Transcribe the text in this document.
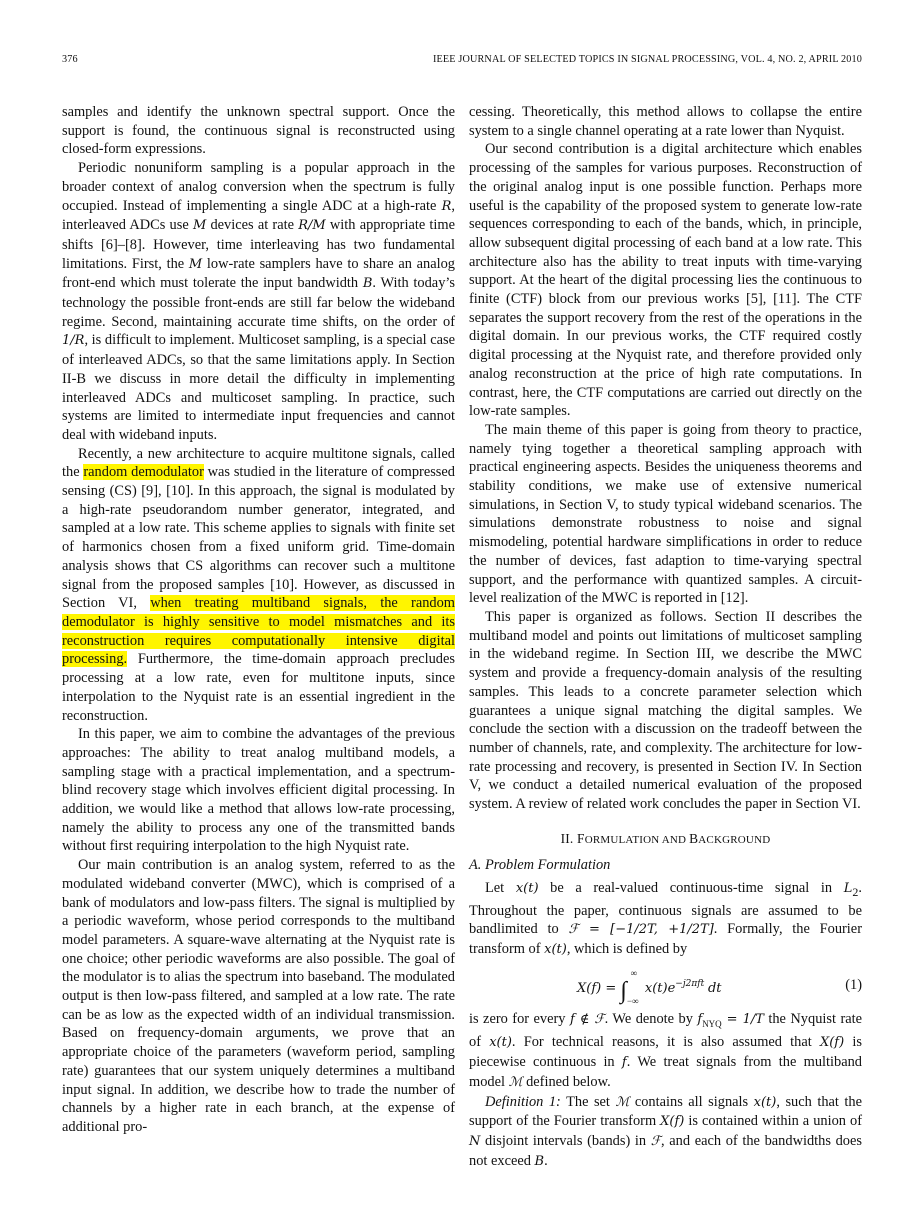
376	IEEE JOURNAL OF SELECTED TOPICS IN SIGNAL PROCESSING, VOL. 4, NO. 2, APRIL 2010

samples and identify the unknown spectral support. Once the support is found, the continuous signal is reconstructed using closed-form expressions.

Periodic nonuniform sampling is a popular approach in the broader context of analog conversion when the spectrum is fully occupied. Instead of implementing a single ADC at a high-rate R, interleaved ADCs use M devices at rate R/M with appropriate time shifts [6]–[8]. However, time interleaving has two fundamental limitations. First, the M low-rate samplers have to share an analog front-end which must tolerate the input bandwidth B. With today’s technology the possible front-ends are still far below the wideband regime. Second, maintaining accurate time shifts, on the order of 1/R, is difficult to implement. Multicoset sampling, is a special case of interleaved ADCs, so that the same limitations apply. In Section II-B we discuss in more detail the difficulty in implementing interleaved ADCs and multicoset sampling. In practice, such systems are limited to intermediate input frequencies and cannot deal with wideband inputs.

Recently, a new architecture to acquire multitone signals, called the random demodulator was studied in the literature of compressed sensing (CS) [9], [10]. In this approach, the signal is modulated by a high-rate pseudorandom number generator, integrated, and sampled at a low rate. This scheme applies to signals with finite set of harmonics chosen from a fixed uniform grid. Time-domain analysis shows that CS algorithms can recover such a multitone signal from the proposed samples [10]. However, as discussed in Section VI, when treating multiband signals, the random demodulator is highly sensitive to model mismatches and its reconstruction requires computationally intensive digital processing. Furthermore, the time-domain approach precludes processing at a low rate, even for multitone inputs, since interpolation to the Nyquist rate is an essential ingredient in the reconstruction.

In this paper, we aim to combine the advantages of the previous approaches: The ability to treat analog multiband models, a sampling stage with a practical implementation, and a spectrum-blind recovery stage which involves efficient digital processing. In addition, we would like a method that allows low-rate processing, namely the ability to process any one of the transmitted bands without first requiring interpolation to the high Nyquist rate.

Our main contribution is an analog system, referred to as the modulated wideband converter (MWC), which is comprised of a bank of modulators and low-pass filters. The signal is multiplied by a periodic waveform, whose period corresponds to the multiband model parameters. A square-wave alternating at the Nyquist rate is one choice; other periodic waveforms are also possible. The goal of the modulator is to alias the spectrum into baseband. The modulated output is then low-pass filtered, and sampled at a low rate. The rate can be as low as the expected width of an individual transmission. Based on frequency-domain arguments, we prove that an appropriate choice of the parameters (waveform period, sampling rate) guarantees that our system uniquely determines a multiband input signal. In addition, we describe how to trade the number of channels by a higher rate in each branch, at the expense of additional pro-

cessing. Theoretically, this method allows to collapse the entire system to a single channel operating at a rate lower than Nyquist.

Our second contribution is a digital architecture which enables processing of the samples for various purposes. Reconstruction of the original analog input is one possible function. Perhaps more useful is the capability of the proposed system to generate low-rate sequences corresponding to each of the bands, which, in principle, allow subsequent digital processing of each band at a low rate. This architecture also has the ability to treat inputs with time-varying support. At the heart of the digital processing lies the continuous to finite (CTF) block from our previous works [5], [11]. The CTF separates the support recovery from the rest of the operations in the digital domain. In our previous works, the CTF required costly digital processing at the Nyquist rate, and therefore provided only analog reconstruction at the price of high rate computations. In contrast, here, the CTF computations are carried out directly on the low-rate samples.

The main theme of this paper is going from theory to practice, namely tying together a theoretical sampling approach with practical engineering aspects. Besides the uniqueness theorems and stability conditions, we make use of extensive numerical simulations, in Section V, to study typical wideband scenarios. The simulations demonstrate robustness to noise and signal mismodeling, potential hardware simplifications in order to reduce the number of devices, fast adaption to time-varying spectral support, and the performance with quantized samples. A circuit-level realization of the MWC is reported in [12].

This paper is organized as follows. Section II describes the multiband model and points out limitations of multicoset sampling in the wideband regime. In Section III, we describe the MWC system and provide a frequency-domain analysis of the resulting samples. This leads to a concrete parameter selection which guarantees a unique signal matching the digital samples. We conclude the section with a discussion on the tradeoff between the number of channels, rate, and complexity. The architecture for low-rate processing and recovery, is presented in Section IV. In Section V, we conduct a detailed numerical evaluation of the proposed system. A review of related work concludes the paper in Section VI.

II. FORMULATION AND BACKGROUND
A. Problem Formulation

Let x(t) be a real-valued continuous-time signal in $L_2$. Throughout the paper, continuous signals are assumed to be bandlimited to ℱ = [−1/2T, +1/2T]. Formally, the Fourier transform of x(t), which is defined by

$X(f) = \int_{-\infty}^\infty x(t)e^{-j2\pi ft}$ dt	(1)

is zero for every f ∉ ℱ. We denote by $f_{NYQ} = 1/T$ the Nyquist rate of x(t). For technical reasons, it is also assumed that X(f) is piecewise continuous in f. We treat signals from the multiband model ℳ defined below.

Definition 1: The set ℳ contains all signals x(t), such that the support of the Fourier transform X(f) is contained within a union of N disjoint intervals (bands) in ℱ, and each of the bandwidths does not exceed B.
